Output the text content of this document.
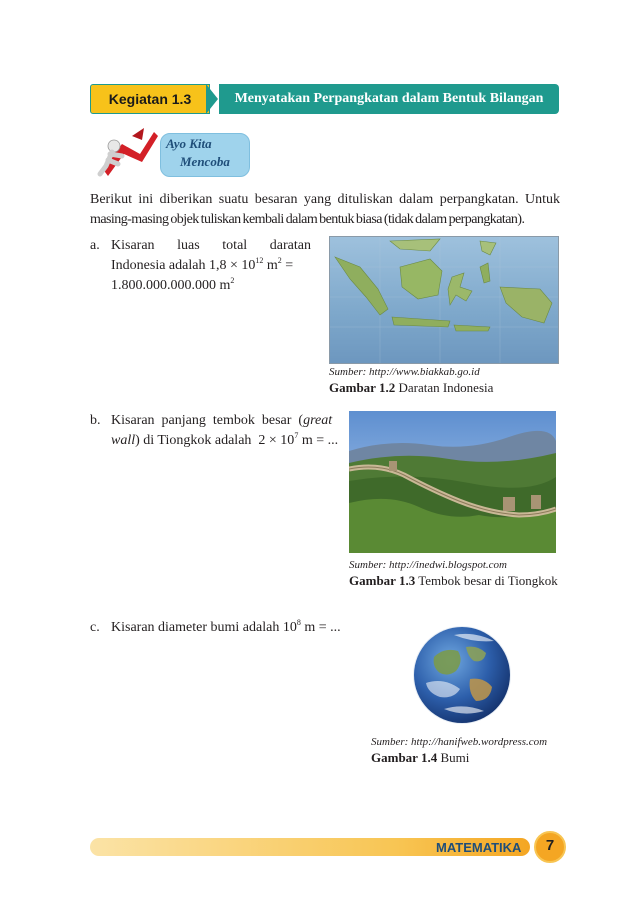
Kegiatan 1.3	Menyatakan Perpangkatan dalam Bentuk Bilangan Biasa
Ayo Kita
Mencoba
Berikut ini diberikan suatu besaran yang dituliskan dalam perpangkatan. Untuk
masing-masing objek tuliskan kembali dalam bentuk biasa (tidak dalam perpangkatan).
a. Kisaran luas total daratan
Indonesia adalah $1,8 \times 10^{12}$ $m^2$ =
1.800.000.000.000 $m^2$
Sumber: http://www.biakkab.go.id
Gambar 1.2 Daratan Indonesia
b. Kisaran panjang tembok besar (great
wall) di Tiongkok adalah  $2 \times 10^7$ m = ...
Sumber: http://inedwi.blogspot.com
Gambar 1.3 Tembok besar di Tiongkok
c. Kisaran diameter bumi adalah $10^8$ m = ...
Sumber: http://hanifweb.wordpress.com
Gambar 1.4 Bumi
MATEMATIKA	7
